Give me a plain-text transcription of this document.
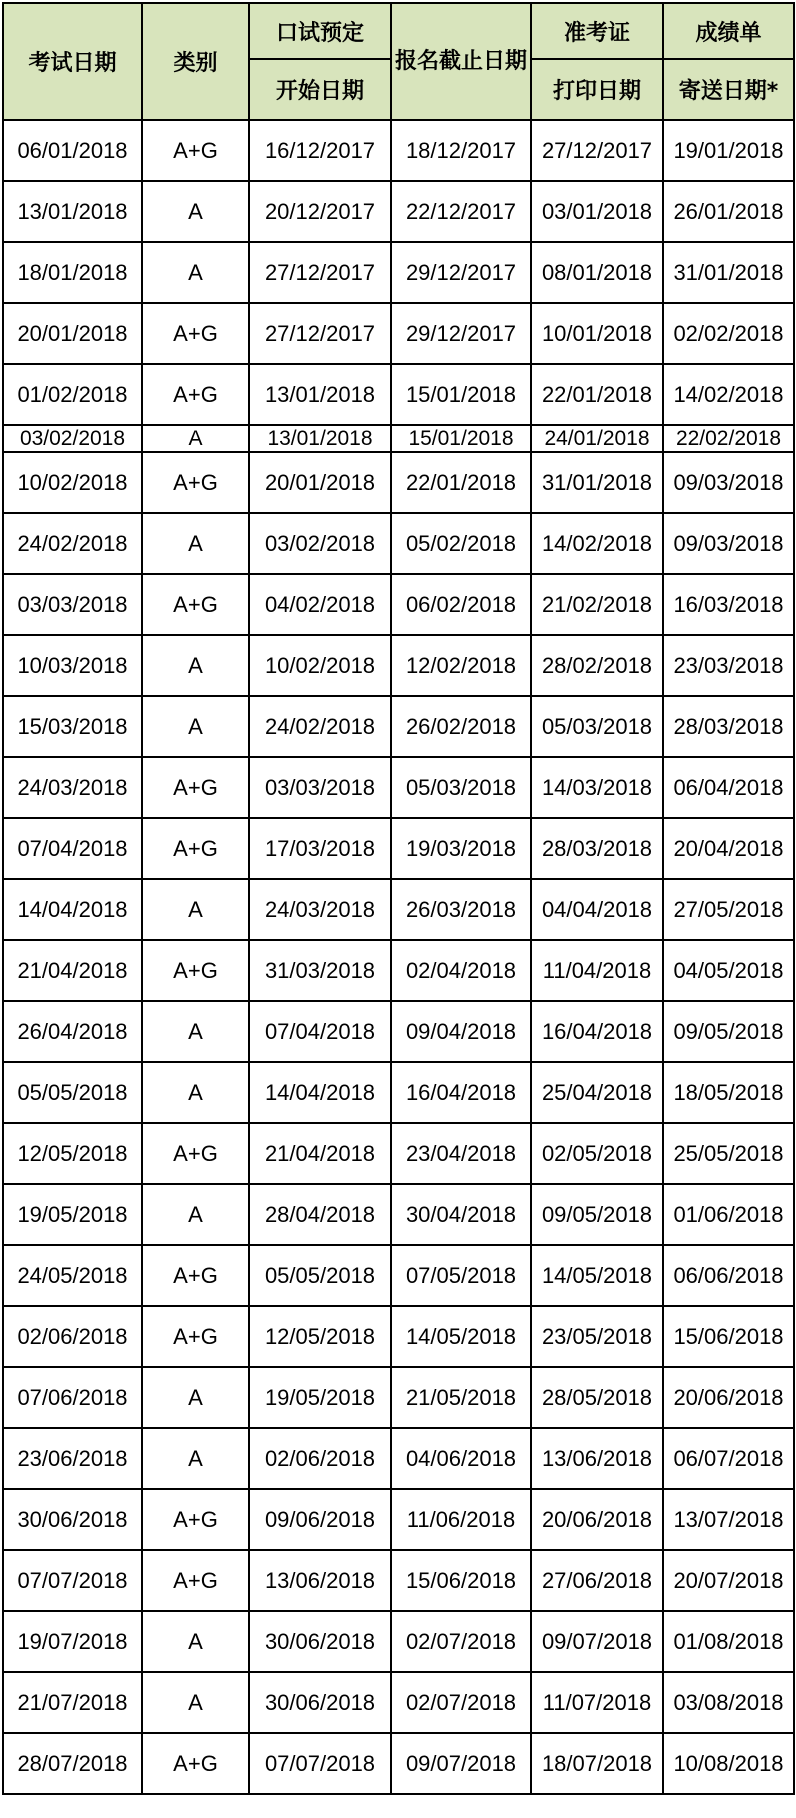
考试日期	类别	口试预定	报名截止日期	准考证	成绩单
		开始日期		打印日期	寄送日期*
06/01/2018	A+G	16/12/2017	18/12/2017	27/12/2017	19/01/2018
13/01/2018	A	20/12/2017	22/12/2017	03/01/2018	26/01/2018
18/01/2018	A	27/12/2017	29/12/2017	08/01/2018	31/01/2018
20/01/2018	A+G	27/12/2017	29/12/2017	10/01/2018	02/02/2018
01/02/2018	A+G	13/01/2018	15/01/2018	22/01/2018	14/02/2018
03/02/2018	A	13/01/2018	15/01/2018	24/01/2018	22/02/2018
10/02/2018	A+G	20/01/2018	22/01/2018	31/01/2018	09/03/2018
24/02/2018	A	03/02/2018	05/02/2018	14/02/2018	09/03/2018
03/03/2018	A+G	04/02/2018	06/02/2018	21/02/2018	16/03/2018
10/03/2018	A	10/02/2018	12/02/2018	28/02/2018	23/03/2018
15/03/2018	A	24/02/2018	26/02/2018	05/03/2018	28/03/2018
24/03/2018	A+G	03/03/2018	05/03/2018	14/03/2018	06/04/2018
07/04/2018	A+G	17/03/2018	19/03/2018	28/03/2018	20/04/2018
14/04/2018	A	24/03/2018	26/03/2018	04/04/2018	27/05/2018
21/04/2018	A+G	31/03/2018	02/04/2018	11/04/2018	04/05/2018
26/04/2018	A	07/04/2018	09/04/2018	16/04/2018	09/05/2018
05/05/2018	A	14/04/2018	16/04/2018	25/04/2018	18/05/2018
12/05/2018	A+G	21/04/2018	23/04/2018	02/05/2018	25/05/2018
19/05/2018	A	28/04/2018	30/04/2018	09/05/2018	01/06/2018
24/05/2018	A+G	05/05/2018	07/05/2018	14/05/2018	06/06/2018
02/06/2018	A+G	12/05/2018	14/05/2018	23/05/2018	15/06/2018
07/06/2018	A	19/05/2018	21/05/2018	28/05/2018	20/06/2018
23/06/2018	A	02/06/2018	04/06/2018	13/06/2018	06/07/2018
30/06/2018	A+G	09/06/2018	11/06/2018	20/06/2018	13/07/2018
07/07/2018	A+G	13/06/2018	15/06/2018	27/06/2018	20/07/2018
19/07/2018	A	30/06/2018	02/07/2018	09/07/2018	01/08/2018
21/07/2018	A	30/06/2018	02/07/2018	11/07/2018	03/08/2018
28/07/2018	A+G	07/07/2018	09/07/2018	18/07/2018	10/08/2018
